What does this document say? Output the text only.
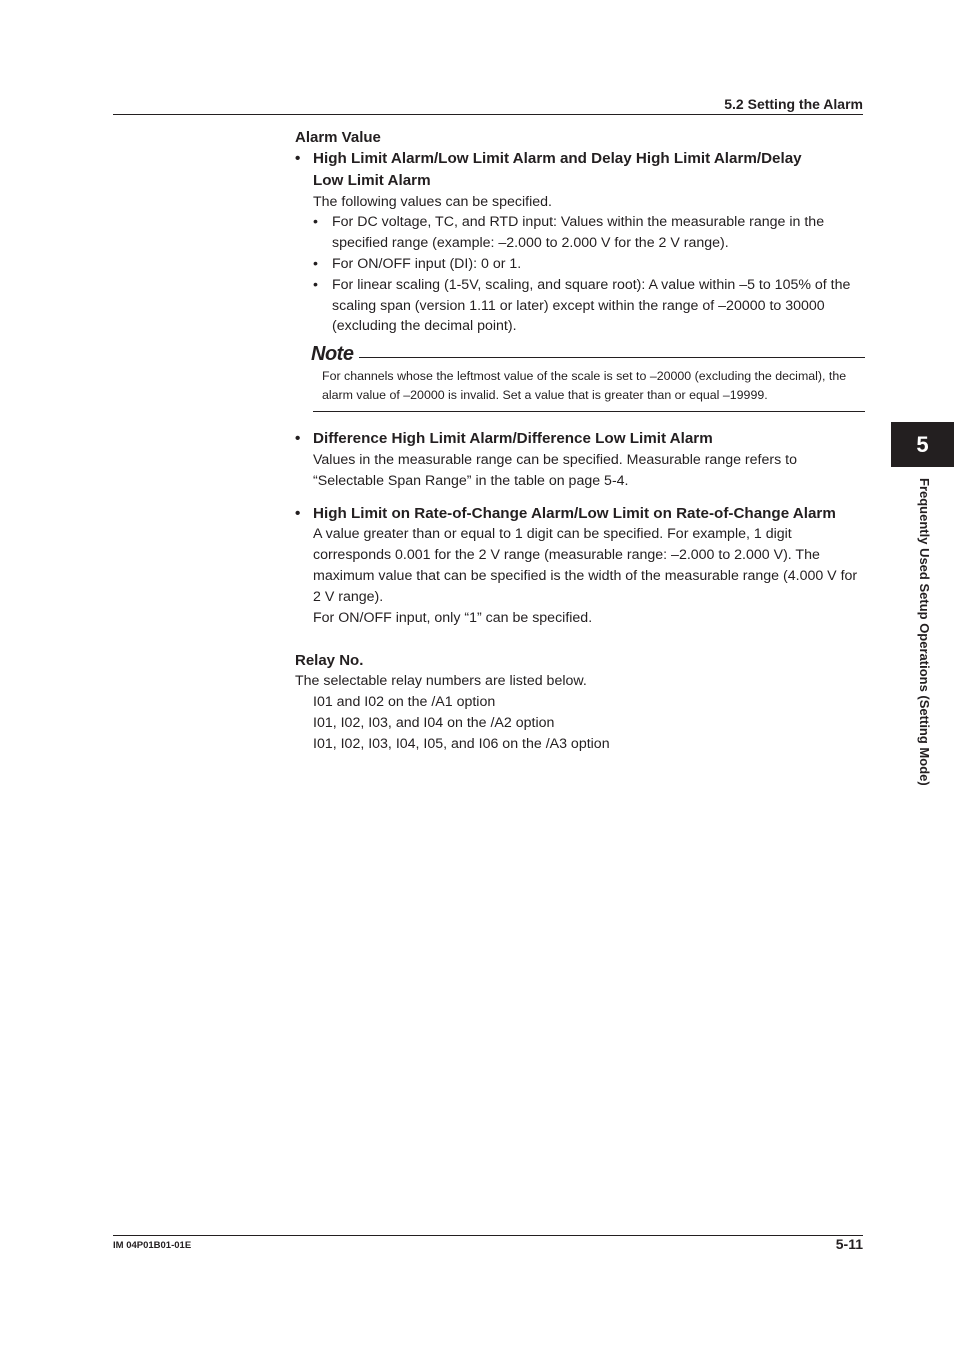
5.2 Setting the Alarm
Alarm Value
• High Limit Alarm/Low Limit Alarm and Delay High Limit Alarm/Delay
Low Limit Alarm

The following values can be specified.

• For DC voltage, TC, and RTD input: Values within the measurable range in the specified range (example: –2.000 to 2.000 V for the 2 V range).
• For ON/OFF input (DI): 0 or 1.
• For linear scaling (1-5V, scaling, and square root): A value within –5 to 105% of the scaling span (version 1.11 or later) except within the range of –20000 to 30000 (excluding the decimal point).
Note

For channels whose the leftmost value of the scale is set to –20000 (excluding the decimal), the alarm value of –20000 is invalid. Set a value that is greater than or equal –19999.

• Difference High Limit Alarm/Difference Low Limit Alarm

Values in the measurable range can be specified. Measurable range refers to “Selectable Span Range” in the table on page 5-4.

• High Limit on Rate-of-Change Alarm/Low Limit on Rate-of-Change Alarm

A value greater than or equal to 1 digit can be specified. For example, 1 digit corresponds 0.001 for the 2 V range (measurable range: –2.000 to 2.000 V). The maximum value that can be specified is the width of the measurable range (4.000 V for 2 V range).

For ON/OFF input, only “1” can be specified.

Relay No.

The selectable relay numbers are listed below.

I01 and I02 on the /A1 option

I01, I02, I03, and I04 on the /A2 option

I01, I02, I03, I04, I05, and I06 on the /A3 option

5
Frequently Used Setup Operations (Setting Mode)
IM 04P01B01-01E	5-11
